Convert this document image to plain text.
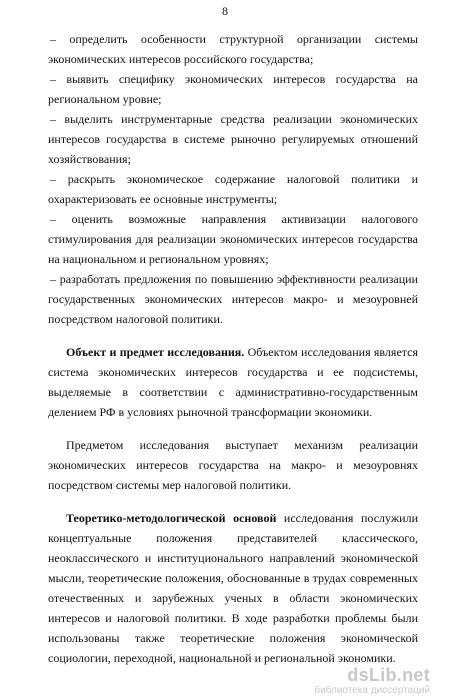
8

– определить особенности структурной организации системы экономических интересов российского государства;

– выявить специфику экономических интересов государства на региональном уровне;

– выделить инструментарные средства реализации экономических интересов государства в системе рыночно регулируемых отношений хозяйствования;

– раскрыть экономическое содержание налоговой политики и охарактеризовать ее основные инструменты;

– оценить возможные направления активизации налогового стимулирования для реализации экономических интересов государства на национальном и региональном уровнях;

– разработать предложения по повышению эффективности реализации государственных экономических интересов макро- и мезоуровней посредством налоговой политики.

Объект и предмет исследования. Объектом исследования является система экономических интересов государства и ее подсистемы, выделяемые в соответствии с административно-государственным делением РФ в условиях рыночной трансформации экономики.

Предметом исследования выступает механизм реализации экономических интересов государства на макро- и мезоуровнях посредством системы мер налоговой политики.

Теоретико-методологической основой исследования послужили концептуальные положения представителей классического, неоклассического и институционального направлений экономической мысли, теоретические положения, обоснованные в трудах современных отечественных и зарубежных ученых в области экономических интересов и налоговой политики. В ходе разработки проблемы были использованы также теоретические положения экономической социологии, переходной, национальной и региональной экономики.

dsLib.net
библиотека диссертаций
